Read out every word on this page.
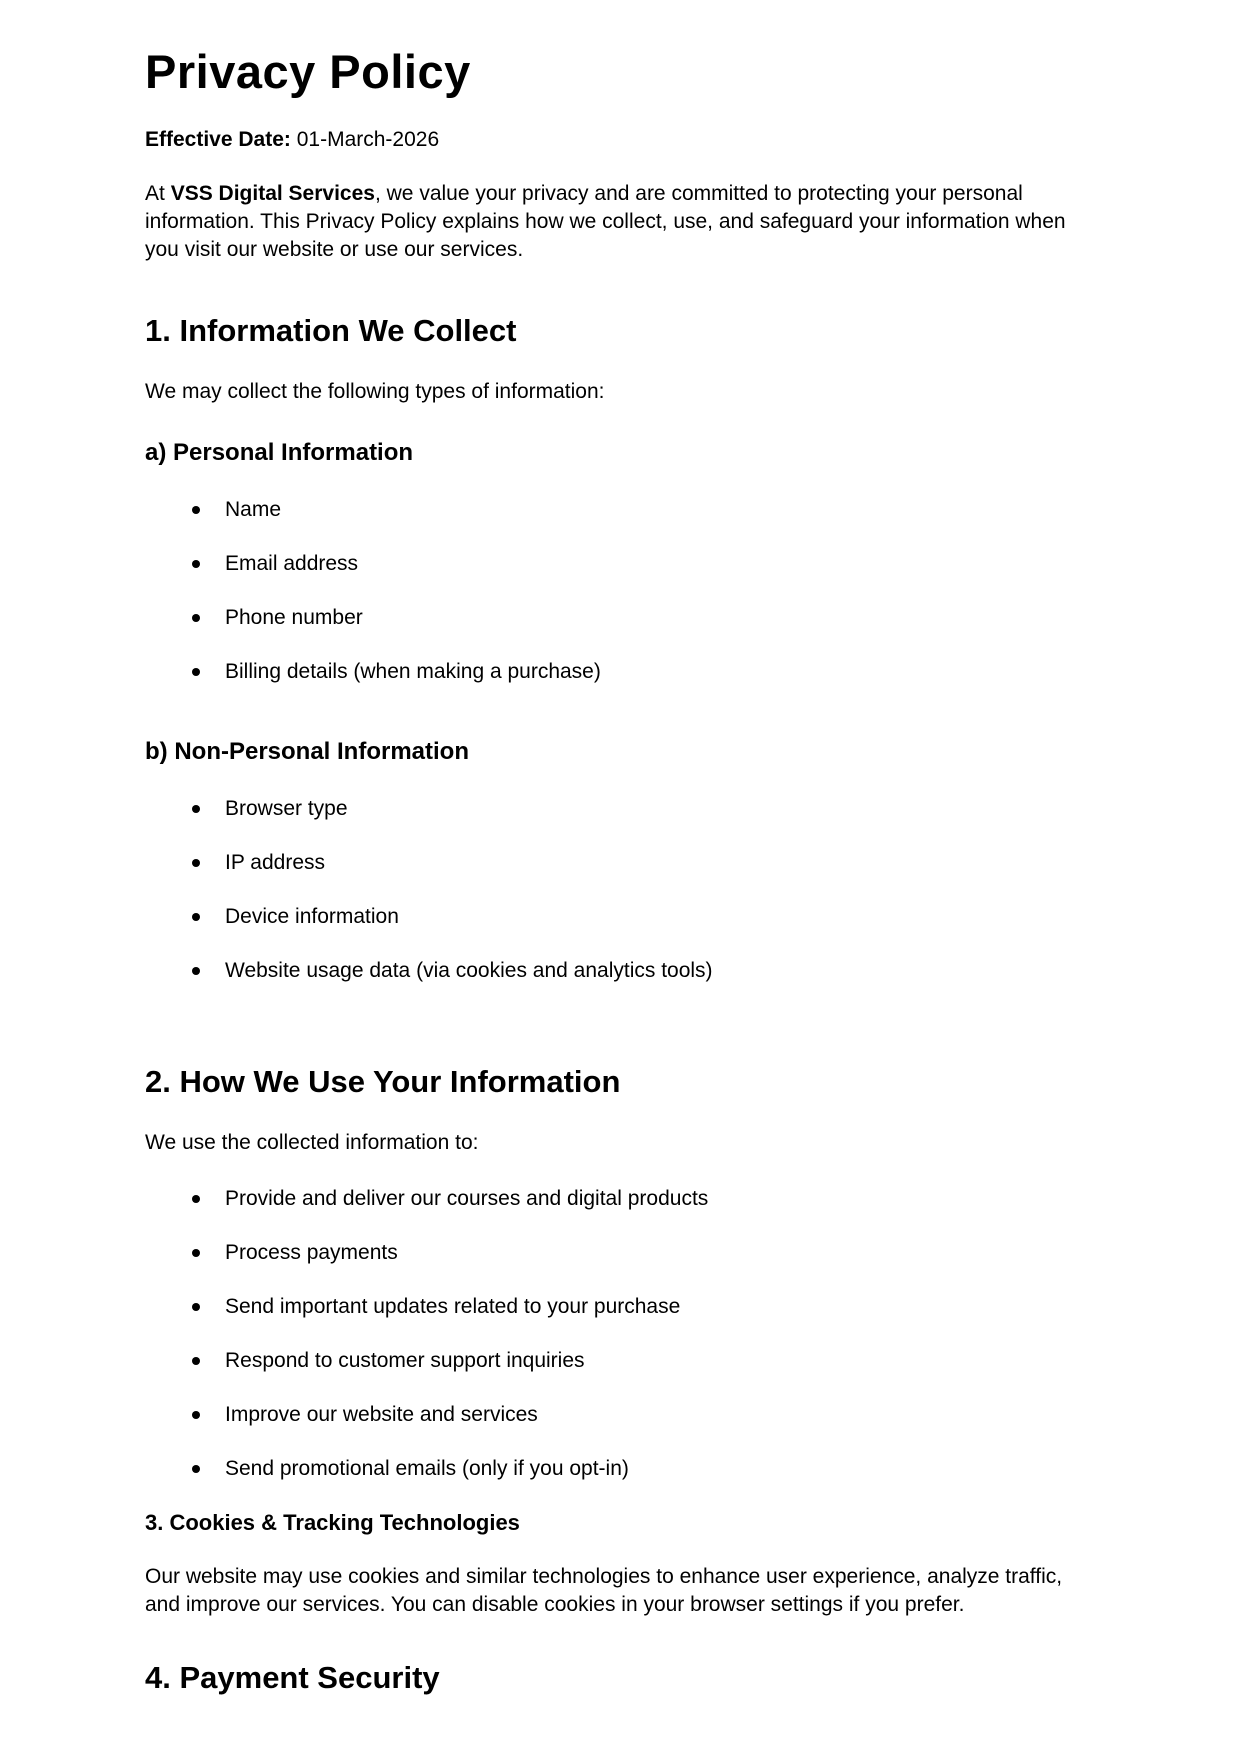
Privacy Policy

Effective Date: 01-March-2026

At VSS Digital Services, we value your privacy and are committed to protecting your personal information. This Privacy Policy explains how we collect, use, and safeguard your information when you visit our website or use our services.

1. Information We Collect

We may collect the following types of information:

a) Personal Information
Name
Email address
Phone number
Billing details (when making a purchase)
b) Non-Personal Information
Browser type
IP address
Device information
Website usage data (via cookies and analytics tools)
2. How We Use Your Information

We use the collected information to:

Provide and deliver our courses and digital products
Process payments
Send important updates related to your purchase
Respond to customer support inquiries
Improve our website and services
Send promotional emails (only if you opt-in)
3. Cookies & Tracking Technologies

Our website may use cookies and similar technologies to enhance user experience, analyze traffic, and improve our services. You can disable cookies in your browser settings if you prefer.

4. Payment Security
